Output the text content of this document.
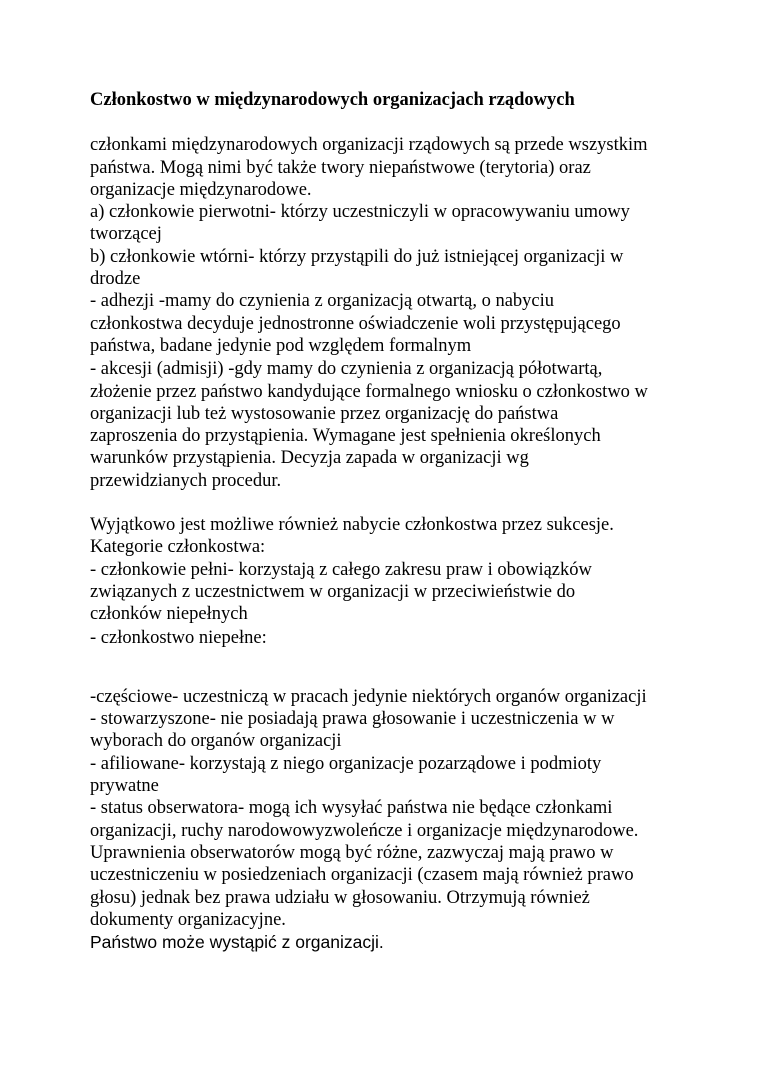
Członkostwo w międzynarodowych organizacjach rządowych
członkami międzynarodowych organizacji rządowych są przede wszystkim
państwa. Mogą nimi być także twory niepaństwowe (terytoria) oraz
organizacje międzynarodowe.
a) członkowie pierwotni- którzy uczestniczyli w opracowywaniu umowy
tworzącej
b) członkowie wtórni- którzy przystąpili do już istniejącej organizacji w
drodze
- adhezji -mamy do czynienia z organizacją otwartą, o nabyciu
członkostwa decyduje jednostronne oświadczenie woli przystępującego
państwa, badane jedynie pod względem formalnym
- akcesji (admisji) -gdy mamy do czynienia z organizacją półotwartą,
złożenie przez państwo kandydujące formalnego wniosku o członkostwo w
organizacji lub też wystosowanie przez organizację do państwa
zaproszenia do przystąpienia. Wymagane jest spełnienia określonych
warunków przystąpienia. Decyzja zapada w organizacji wg
przewidzianych procedur.
Wyjątkowo jest możliwe również nabycie członkostwa przez sukcesje.
Kategorie członkostwa:
- członkowie pełni- korzystają z całego zakresu praw i obowiązków
związanych z uczestnictwem w organizacji w przeciwieństwie do
członków niepełnych
- członkostwo niepełne:
-częściowe- uczestniczą w pracach jedynie niektórych organów organizacji
- stowarzyszone- nie posiadają prawa głosowanie i uczestniczenia w w
wyborach do organów organizacji
- afiliowane- korzystają z niego organizacje pozarządowe i podmioty
prywatne
- status obserwatora- mogą ich wysyłać państwa nie będące członkami
organizacji, ruchy narodowowyzwoleńcze i organizacje międzynarodowe.
Uprawnienia obserwatorów mogą być różne, zazwyczaj mają prawo w
uczestniczeniu w posiedzeniach organizacji (czasem mają również prawo
głosu) jednak bez prawa udziału w głosowaniu. Otrzymują również
dokumenty organizacyjne.
Państwo może wystąpić z organizacji.
